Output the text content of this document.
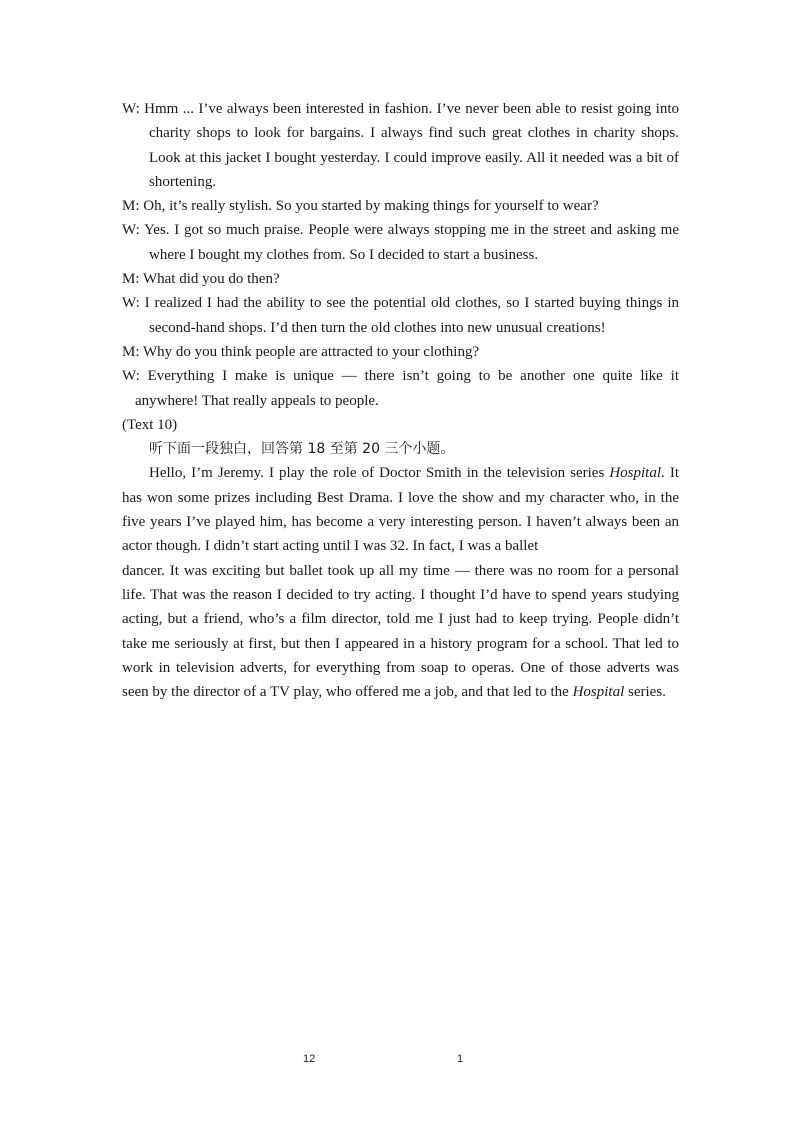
W: Hmm ... I’ve always been interested in fashion. I’ve never been able to resist going into charity shops to look for bargains. I always find such great clothes in charity shops. Look at this jacket I bought yesterday. I could improve easily. All it needed was a bit of shortening.

M: Oh, it’s really stylish. So you started by making things for yourself to wear?

W: Yes. I got so much praise. People were always stopping me in the street and asking me where I bought my clothes from. So I decided to start a business.

M: What did you do then?

W: I realized I had the ability to see the potential old clothes, so I started buying things in second-hand shops. I’d then turn the old clothes into new unusual creations!

M: Why do you think people are attracted to your clothing?

W: Everything I make is unique — there isn’t going to be another one quite like it anywhere! That really appeals to people.

(Text 10)

听下面一段独白，回答第 18 至第 20 三个小题。

Hello, I’m Jeremy. I play the role of Doctor Smith in the television series Hospital. It has won some prizes including Best Drama. I love the show and my character who, in the five years I’ve played him, has become a very interesting person. I haven’t always been an actor though. I didn’t start acting until I was 32. In fact, I was a ballet

dancer. It was exciting but ballet took up all my time — there was no room for a personal life. That was the reason I decided to try acting. I thought I’d have to spend years studying acting, but a friend, who’s a film director, told me I just had to keep trying. People didn’t take me seriously at first, but then I appeared in a history program for a school. That led to work in television adverts, for everything from soap to operas. One of those adverts was seen by the director of a TV play, who offered me a job, and that led to the Hospital series.

12	1
